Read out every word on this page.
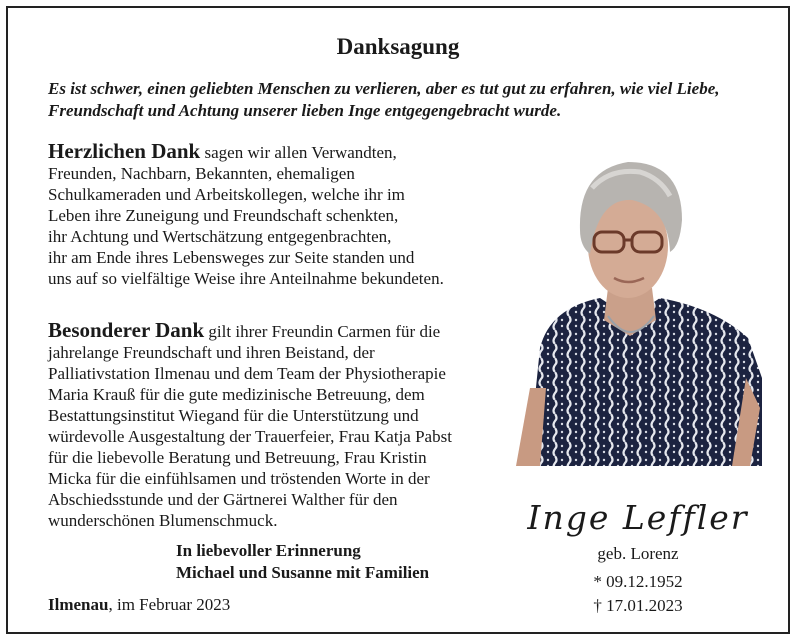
Danksagung
Es ist schwer, einen geliebten Menschen zu verlieren, aber es tut gut zu erfahren, wie viel Liebe, Freundschaft und Achtung unserer lieben Inge entgegengebracht wurde.
Herzlichen Dank sagen wir allen Verwandten,
Freunden, Nachbarn, Bekannten, ehemaligen
Schulkameraden und Arbeitskollegen, welche ihr im
Leben ihre Zuneigung und Freundschaft schenkten,
ihr Achtung und Wertschätzung entgegenbrachten,
ihr am Ende ihres Lebensweges zur Seite standen und
uns auf so vielfältige Weise ihre Anteilnahme bekundeten.
Besonderer Dank gilt ihrer Freundin Carmen für die
jahrelange Freundschaft und ihren Beistand, der
Palliativstation Ilmenau und dem Team der Physiotherapie
Maria Krauß für die gute medizinische Betreuung, dem
Bestattungsinstitut Wiegand für die Unterstützung und
würdevolle Ausgestaltung der Trauerfeier, Frau Katja Pabst
für die liebevolle Beratung und Betreuung, Frau Kristin
Micka für die einfühlsamen und tröstenden Worte in der
Abschiedsstunde und der Gärtnerei Walther für den
wunderschönen Blumenschmuck.	Inge Leffler
geb. Lorenz
* 09.12.1952
† 17.01.2023
In liebevoller Erinnerung
Michael und Susanne mit Familien
Ilmenau, im Februar 2023
